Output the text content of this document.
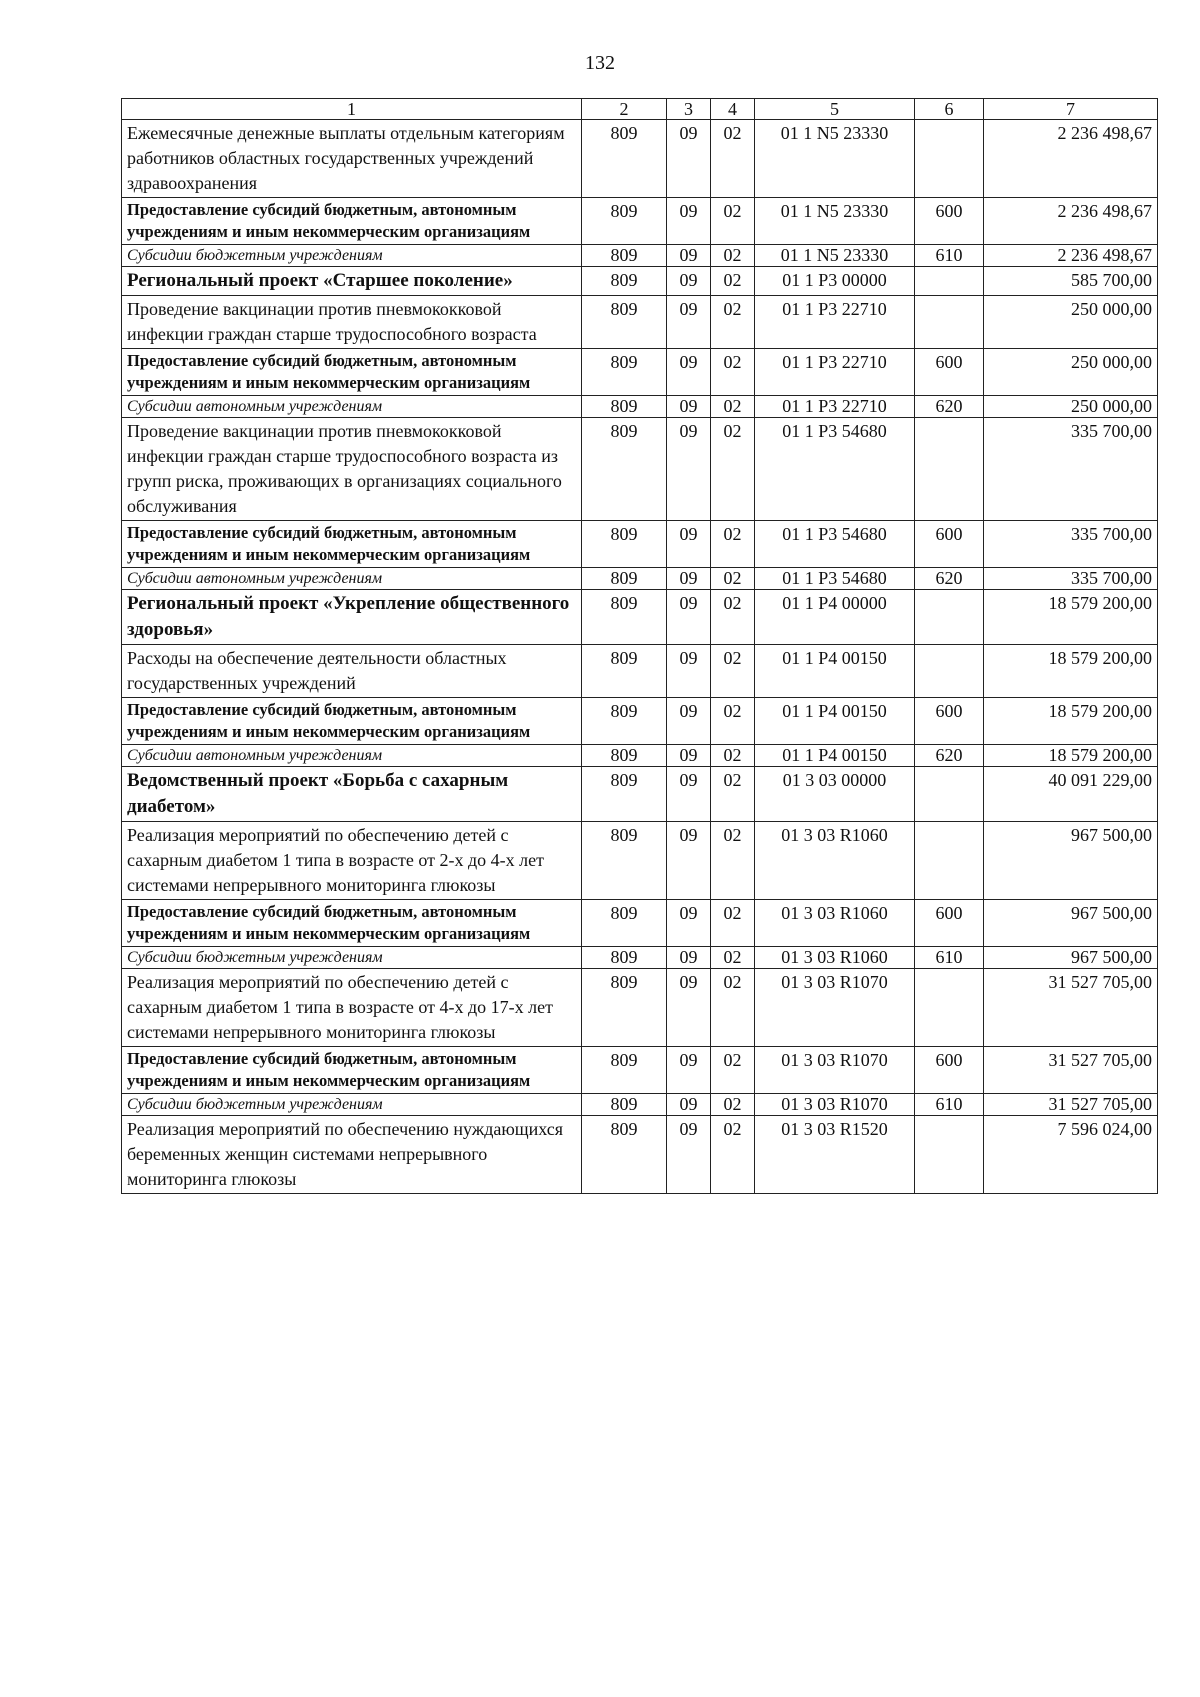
132
1	2	3	4	5	6	7
Ежемесячные денежные выплаты отдельным категориям работников областных государственных учреждений здравоохранения	809	09	02	01 1 N5 23330		2 236 498,67
Предоставление субсидий бюджетным, автономным учреждениям и иным некоммерческим организациям	809	09	02	01 1 N5 23330	600	2 236 498,67
Субсидии бюджетным учреждениям	809	09	02	01 1 N5 23330	610	2 236 498,67
Региональный проект «Старшее поколение»	809	09	02	01 1 P3 00000		585 700,00
Проведение вакцинации против пневмококковой инфекции граждан старше трудоспособного возраста	809	09	02	01 1 P3 22710		250 000,00
Предоставление субсидий бюджетным, автономным учреждениям и иным некоммерческим организациям	809	09	02	01 1 P3 22710	600	250 000,00
Субсидии автономным учреждениям	809	09	02	01 1 P3 22710	620	250 000,00
Проведение вакцинации против пневмококковой инфекции граждан старше трудоспособного возраста из групп риска, проживающих в организациях социального обслуживания	809	09	02	01 1 P3 54680		335 700,00
Предоставление субсидий бюджетным, автономным учреждениям и иным некоммерческим организациям	809	09	02	01 1 P3 54680	600	335 700,00
Субсидии автономным учреждениям	809	09	02	01 1 P3 54680	620	335 700,00
Региональный проект «Укрепление общественного здоровья»	809	09	02	01 1 P4 00000		18 579 200,00
Расходы на обеспечение деятельности областных государственных учреждений	809	09	02	01 1 P4 00150		18 579 200,00
Предоставление субсидий бюджетным, автономным учреждениям и иным некоммерческим организациям	809	09	02	01 1 P4 00150	600	18 579 200,00
Субсидии автономным учреждениям	809	09	02	01 1 P4 00150	620	18 579 200,00
Ведомственный проект «Борьба с сахарным диабетом»	809	09	02	01 3 03 00000		40 091 229,00
Реализация мероприятий по обеспечению детей с сахарным диабетом 1 типа в возрасте от 2-х до 4-х лет системами непрерывного мониторинга глюкозы	809	09	02	01 3 03 R1060		967 500,00
Предоставление субсидий бюджетным, автономным учреждениям и иным некоммерческим организациям	809	09	02	01 3 03 R1060	600	967 500,00
Субсидии бюджетным учреждениям	809	09	02	01 3 03 R1060	610	967 500,00
Реализация мероприятий по обеспечению детей с сахарным диабетом 1 типа в возрасте от 4-х до 17-х лет системами непрерывного мониторинга глюкозы	809	09	02	01 3 03 R1070		31 527 705,00
Предоставление субсидий бюджетным, автономным учреждениям и иным некоммерческим организациям	809	09	02	01 3 03 R1070	600	31 527 705,00
Субсидии бюджетным учреждениям	809	09	02	01 3 03 R1070	610	31 527 705,00
Реализация мероприятий по обеспечению нуждающихся беременных женщин системами непрерывного мониторинга глюкозы	809	09	02	01 3 03 R1520		7 596 024,00
